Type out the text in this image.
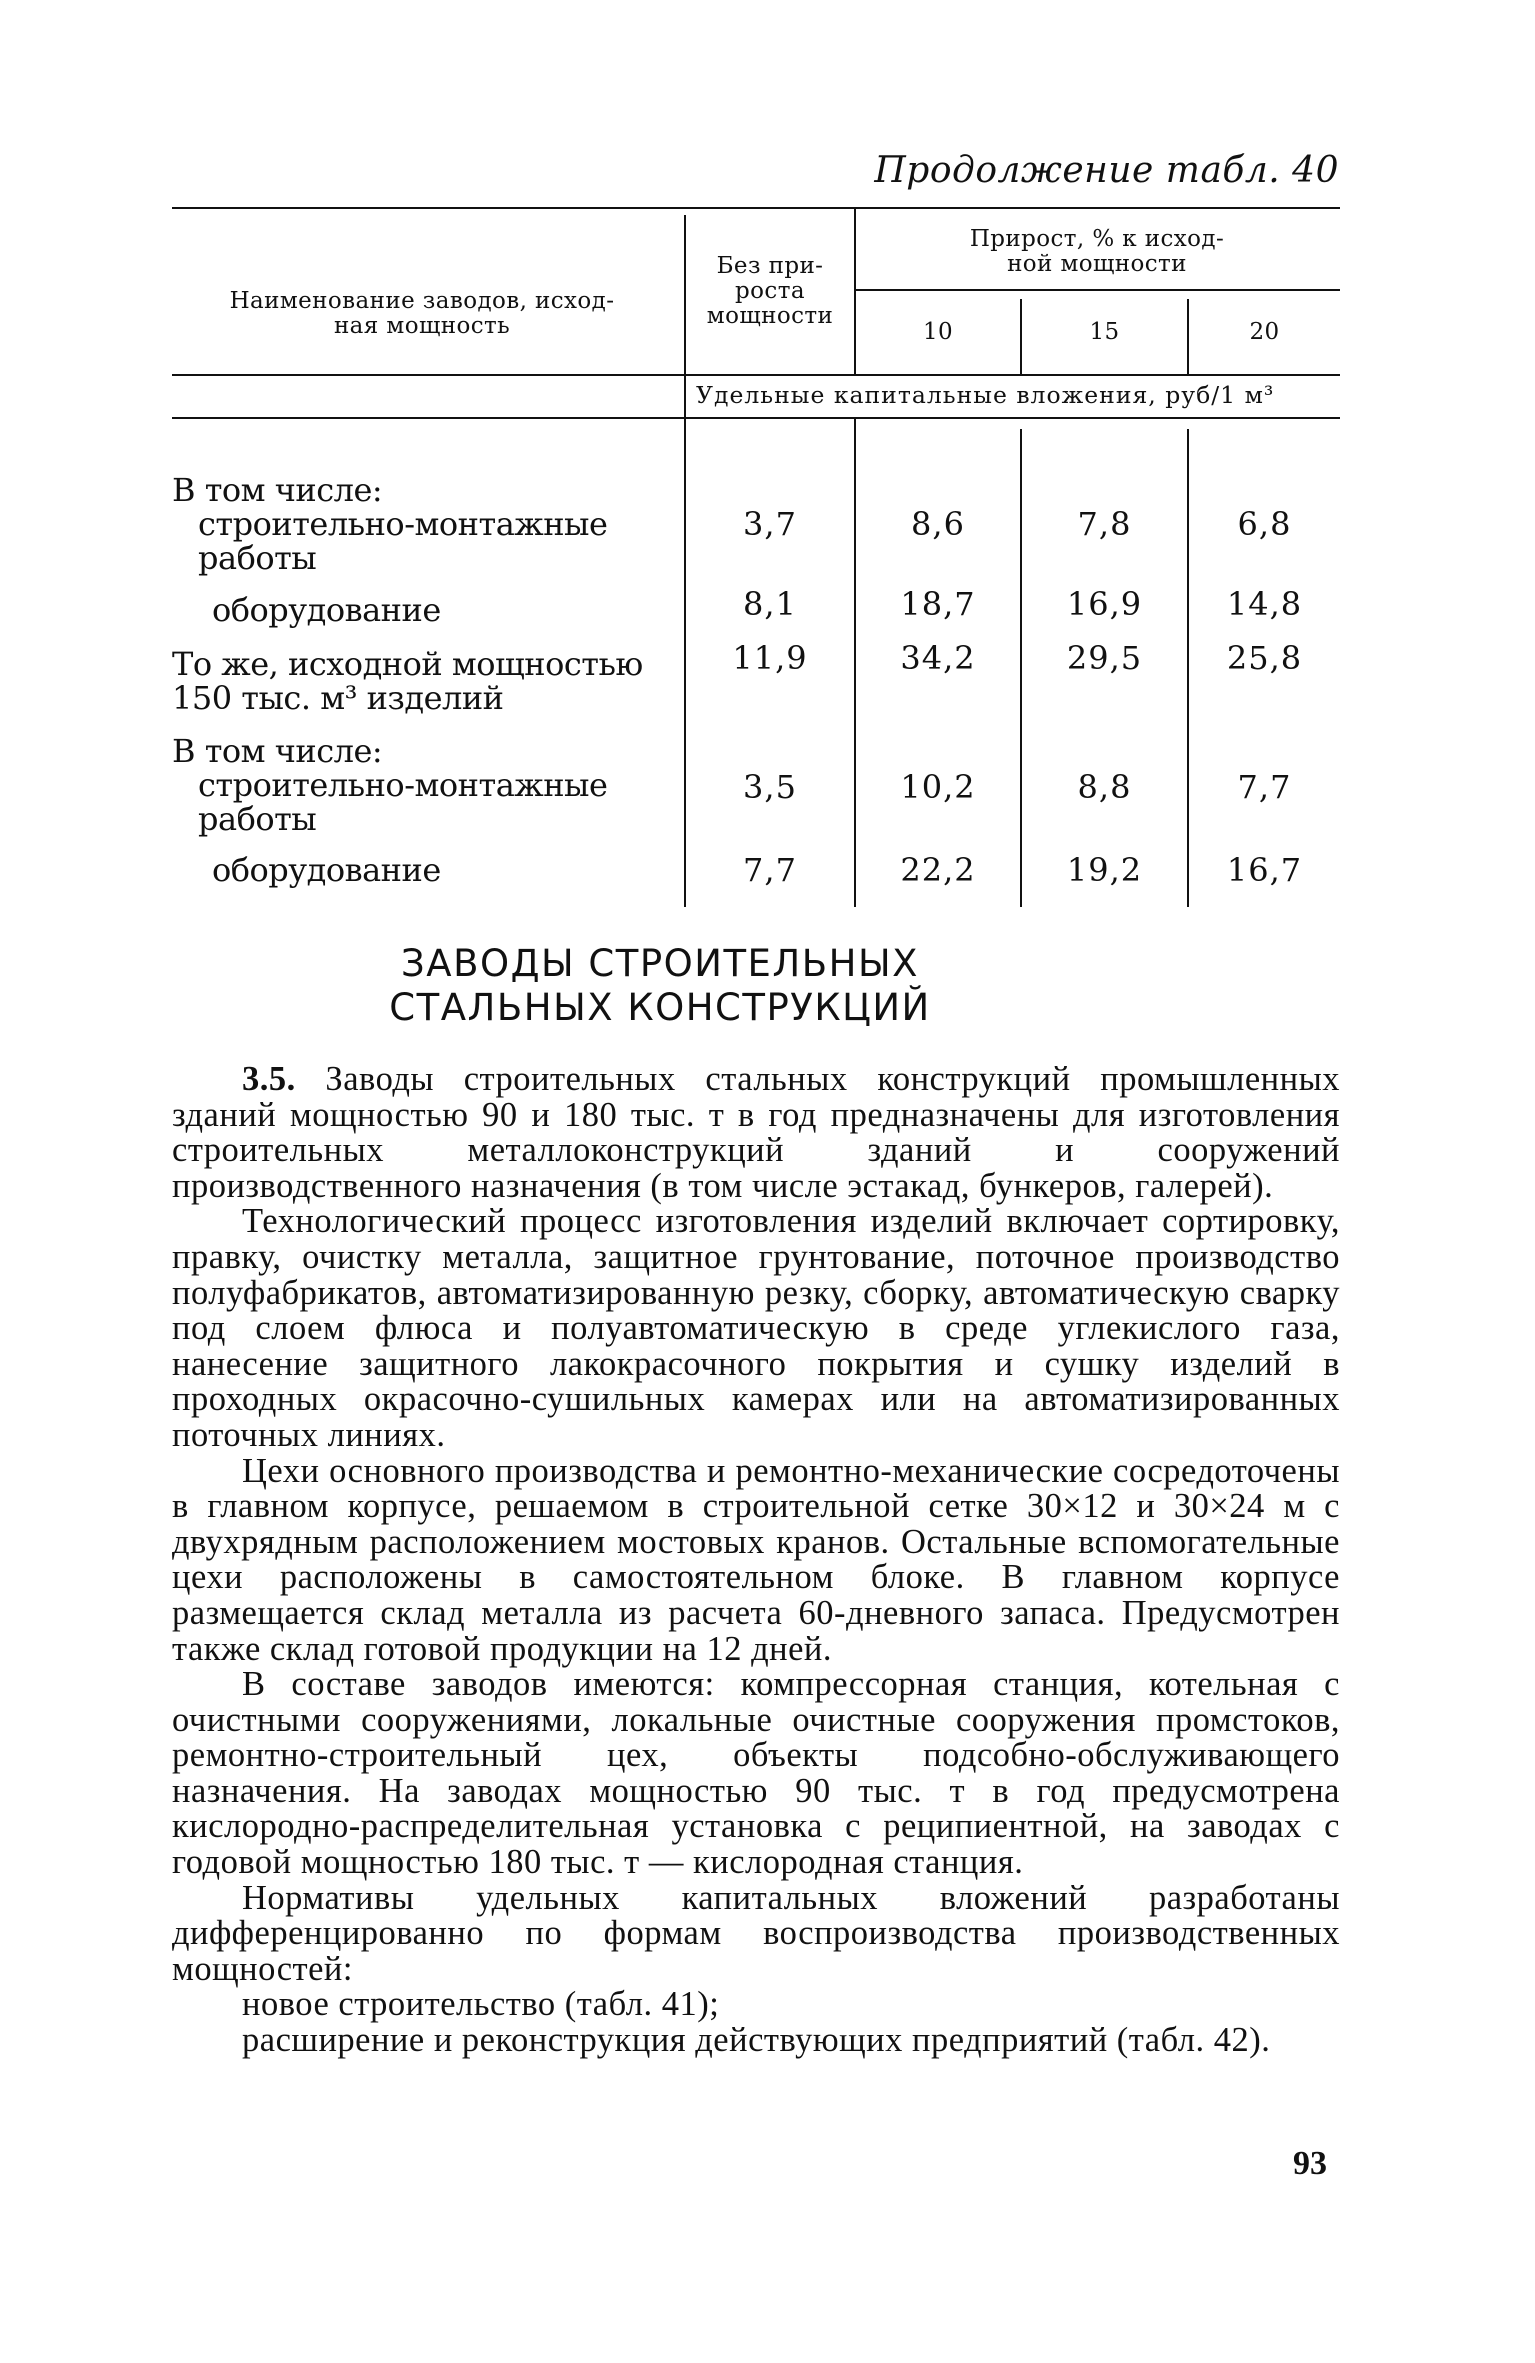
Продолжение табл. 40
Наименование заводов, исход-
ная мощность
Без при-
роста
мощности
Прирост, % к исход-
ной мощности
10	15	20
Удельные капитальные вложения, руб/1 м³
В том числе:
строительно-монтажные
работы
3,7	8,6	7,8	6,8
оборудование	8,1	18,7	16,9	14,8
То же, исходной мощностью
150 тыс. м³ изделий
11,9	34,2	29,5	25,8
В том числе:
строительно-монтажные
работы
3,5	10,2	8,8	7,7
оборудование	7,7	22,2	19,2	16,7
ЗАВОДЫ СТРОИТЕЛЬНЫХ
СТАЛЬНЫХ КОНСТРУКЦИЙ

3.5. Заводы строительных стальных конструкций промышленных зданий мощностью 90 и 180 тыс. т в год предназначены для изготовления строительных металлоконструкций зданий и сооружений производственного назначения (в том числе эстакад, бункеров, галерей).

Технологический процесс изготовления изделий включает сортировку, правку, очистку металла, защитное грунтование, поточное производство полуфабрикатов, автоматизированную резку, сборку, автоматическую сварку под слоем флюса и полуавтоматическую в среде углекислого газа, нанесение защитного лакокрасочного покрытия и сушку изделий в проходных окрасочно-сушильных камерах или на автоматизированных поточных линиях.

Цехи основного производства и ремонтно-механические сосредоточены в главном корпусе, решаемом в строительной сетке 30×12 и 30×24 м с двухрядным расположением мостовых кранов. Остальные вспомогательные цехи расположены в самостоятельном блоке. В главном корпусе размещается склад металла из расчета 60-дневного запаса. Предусмотрен также склад готовой продукции на 12 дней.

В составе заводов имеются: компрессорная станция, котельная с очистными сооружениями, локальные очистные сооружения промстоков, ремонтно-строительный цех, объекты подсобно-обслуживающего назначения. На заводах мощностью 90 тыс. т в год предусмотрена кислородно-распределительная установка с реципиентной, на заводах с годовой мощностью 180 тыс. т — кислородная станция.

Нормативы удельных капитальных вложений разработаны дифференцированно по формам воспроизводства производственных мощностей:

новое строительство (табл. 41);

расширение и реконструкция действующих предприятий (табл. 42).

93
